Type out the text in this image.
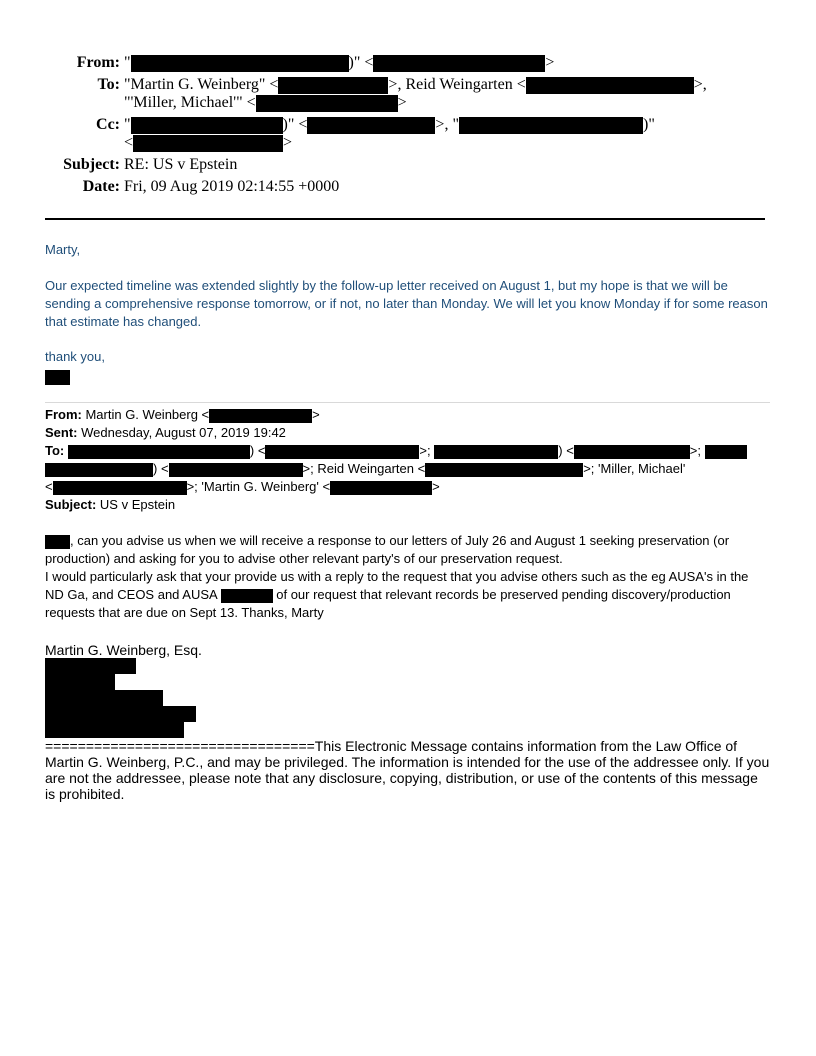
From: "	)" <	>
To: "Martin G. Weinberg" <	>, Reid Weingarten <	>,
"'Miller, Michael'" <	>
Cc: "	)" <	>, "	)"
<	>
Subject: RE: US v Epstein
Date: Fri, 09 Aug 2019 02:14:55 +0000
Marty,
Our expected timeline was extended slightly by the follow-up letter received on August 1, but my hope is that we will be sending a comprehensive response tomorrow, or if not, no later than Monday. We will let you know Monday if for some reason that estimate has changed.
thank you,
From: Martin G. Weinberg <	>
Sent: Wednesday, August 07, 2019 19:42
To:	) <	>;	) <	>;
) <	>; Reid Weingarten <	>; 'Miller, Michael'
<	>; 'Martin G. Weinberg' <	>
Subject: US v Epstein
, can you advise us when we will receive a response to our letters of July 26 and August 1 seeking preservation (or production) and asking for you to advise other relevant party's of our preservation request.
I would particularly ask that your provide us with a reply to the request that you advise others such as the eg AUSA's in the ND Ga, and CEOS and AUSA	of our request that relevant records be preserved pending discovery/production requests that are due on Sept 13. Thanks, Marty
Martin G. Weinberg, Esq.
=================================This Electronic Message contains information from the Law Office of Martin G. Weinberg, P.C., and may be privileged. The information is intended for the use of the addressee only. If you are not the addressee, please note that any disclosure, copying, distribution, or use of the contents of this message is prohibited.
